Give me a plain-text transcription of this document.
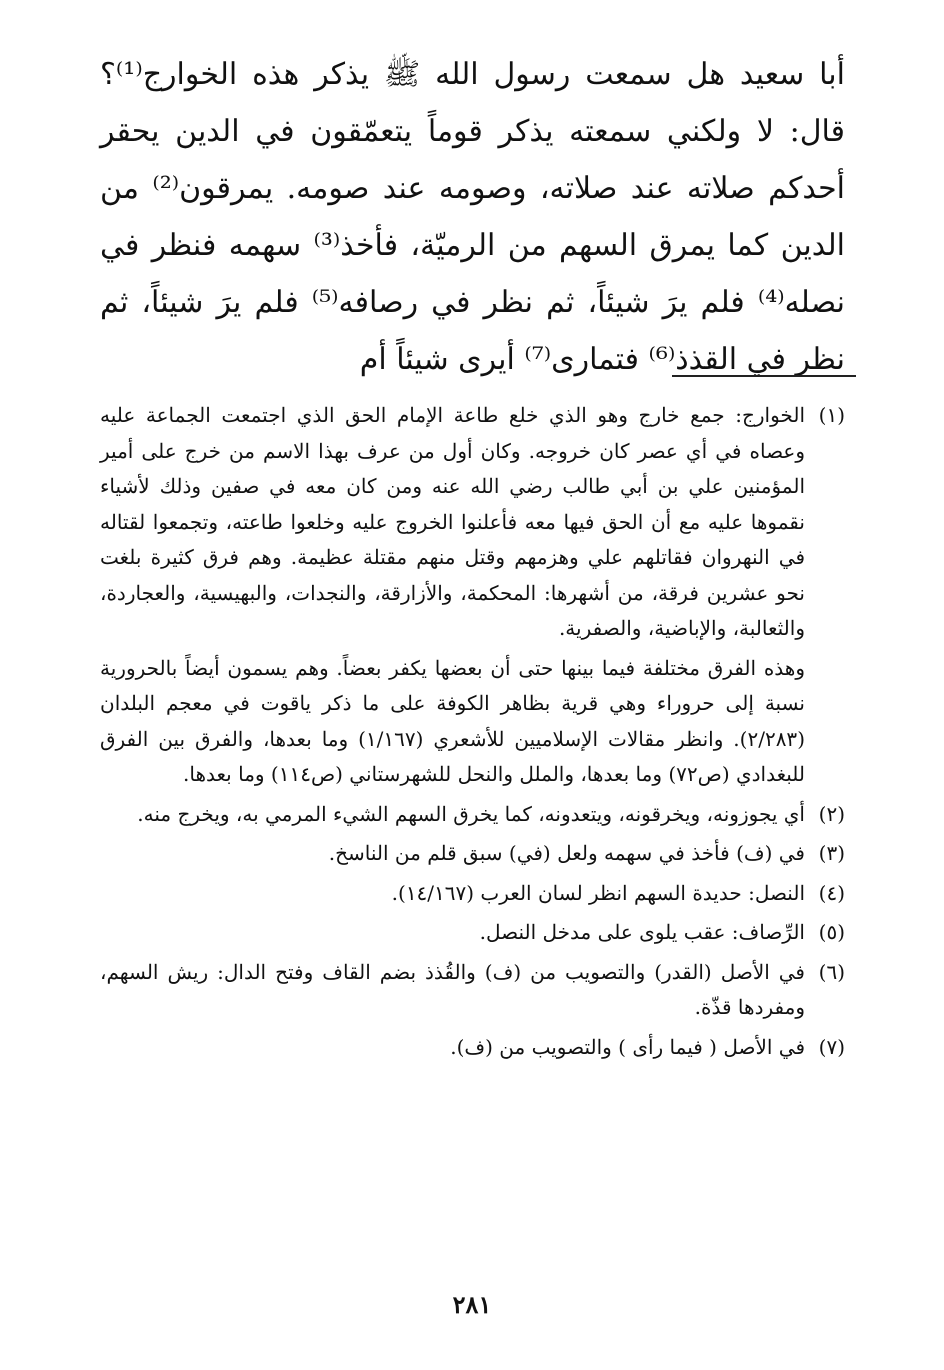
أبا سعيد هل سمعت رسول الله ﷺ يذكر هذه الخوارج⁽¹⁾؟ قال: لا ولكني سمعته يذكر قوماً يتعمّقون في الدين يحقر أحدكم صلاته عند صلاته، وصومه عند صومه. يمرقون⁽²⁾ من الدين كما يمرق السهم من الرميّة، فأخذ⁽³⁾ سهمه فنظر في نصله⁽⁴⁾ فلم يرَ شيئاً، ثم نظر في رصافه⁽⁵⁾ فلم يرَ شيئاً، ثم نظر في القذذ⁽⁶⁾ فتمارى⁽⁷⁾ أيرى شيئاً أم

(١)

الخوارج: جمع خارج وهو الذي خلع طاعة الإمام الحق الذي اجتمعت الجماعة عليه وعصاه في أي عصر كان خروجه. وكان أول من عرف بهذا الاسم من خرج على أمير المؤمنين علي بن أبي طالب رضي الله عنه ومن كان معه في صفين وذلك لأشياء نقموها عليه مع أن الحق فيها معه فأعلنوا الخروج عليه وخلعوا طاعته، وتجمعوا لقتاله في النهروان فقاتلهم علي وهزمهم وقتل منهم مقتلة عظيمة. وهم فرق كثيرة بلغت نحو عشرين فرقة، من أشهرها: المحكمة، والأزارقة، والنجدات، والبهيسية، والعجاردة، والثعالبة، والإباضية، والصفرية.

وهذه الفرق مختلفة فيما بينها حتى أن بعضها يكفر بعضاً. وهم يسمون أيضاً بالحرورية نسبة إلى حروراء وهي قرية بظاهر الكوفة على ما ذكر ياقوت في معجم البلدان (٢/٢٨٣). وانظر مقالات الإسلاميين للأشعري (١/١٦٧) وما بعدها، والفرق بين الفرق للبغدادي (ص٧٢) وما بعدها، والملل والنحل للشهرستاني (ص١١٤) وما بعدها.

(٢)

أي يجوزونه، ويخرقونه، ويتعدونه، كما يخرق السهم الشيء المرمي به، ويخرج منه.

(٣)

في (ف) فأخذ في سهمه ولعل (في) سبق قلم من الناسخ.

(٤)

النصل: حديدة السهم انظر لسان العرب (١٤/١٦٧).

(٥)

الرِّصاف: عقب يلوى على مدخل النصل.

(٦)

في الأصل (القدر) والتصويب من (ف) والقُذذ بضم القاف وفتح الدال: ريش السهم، ومفردها قذّة.

(٧)

في الأصل ( فيما رأى ) والتصويب من (ف).

٢٨١
